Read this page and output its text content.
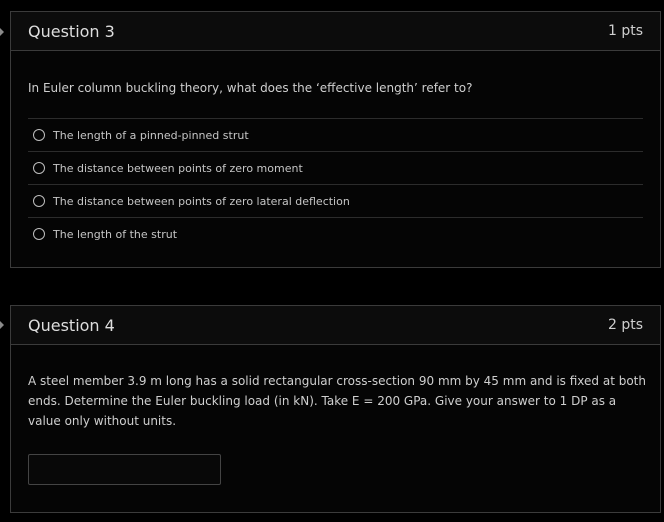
Question 3	1 pts
In Euler column buckling theory, what does the ‘effective length’ refer to?
The length of a pinned-pinned strut
The distance between points of zero moment
The distance between points of zero lateral deflection
The length of the strut
Question 4	2 pts
A steel member 3.9 m long has a solid rectangular cross-section 90 mm by 45 mm and is fixed at both
ends. Determine the Euler buckling load (in kN). Take E = 200 GPa. Give your answer to 1 DP as a
value only without units.
